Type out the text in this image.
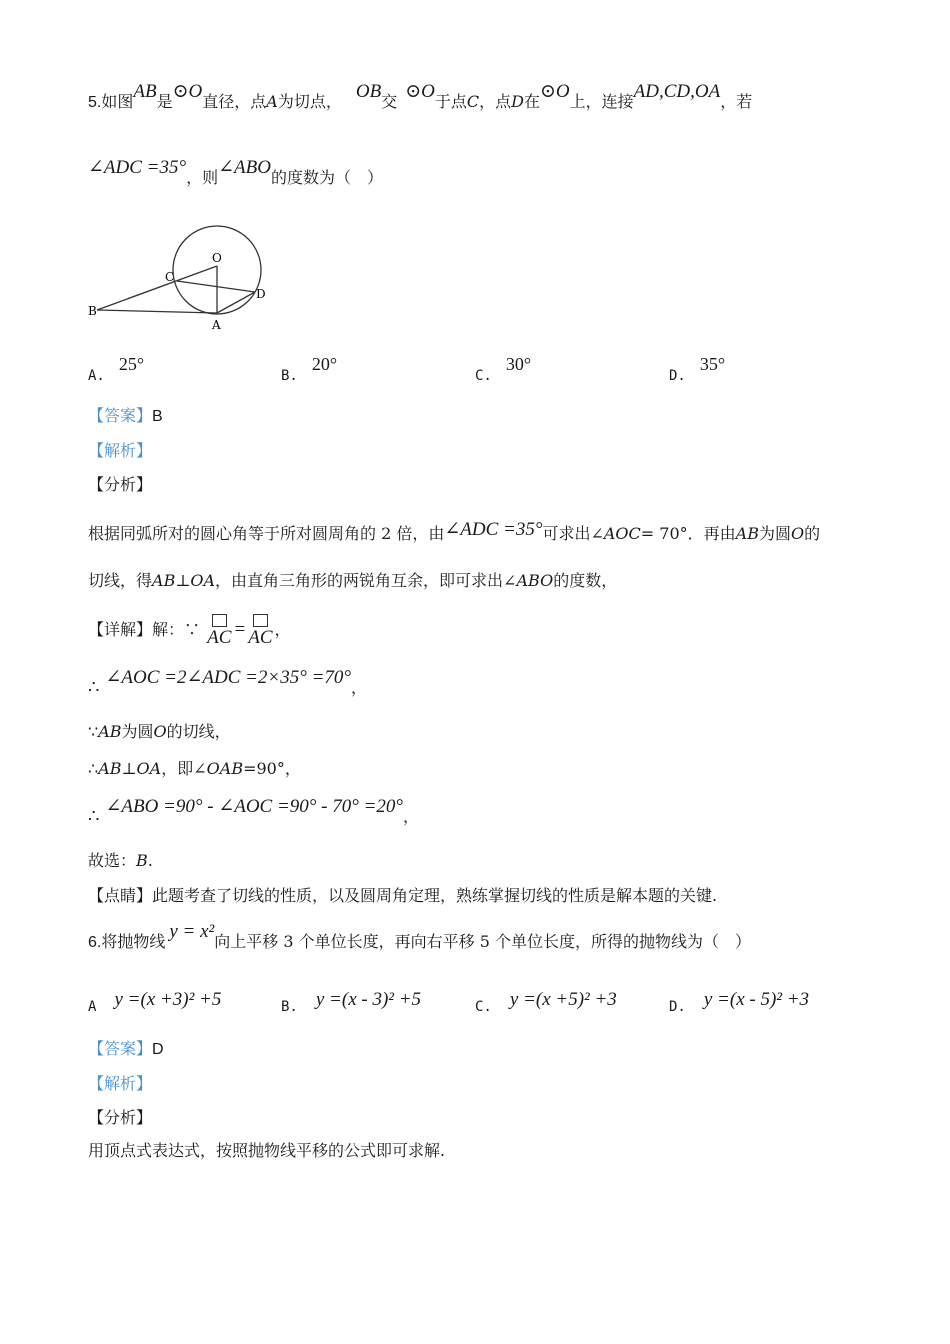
5.如图AB是⊙O直径，点A为切点， OB交 ⊙O于点C，点D在⊙O上，连接AD,CD,OA，若
∠ADC =35°，则∠ABO的度数为（　）
O
C
B
A
D
A.25°
B.20°
C.30°
D.35°
【答案】B
【解析】
【分析】
根据同弧所对的圆心角等于所对圆周角的 2 倍，由∠ADC =35°可求出∠AOC= 70°．再由AB为圆O的
切线，得AB⊥OA，由直角三角形的两锐角互余，即可求出∠ABO的度数，
【详解】解：∵ AC = AC ，
∴ ∠AOC =2∠ADC =2×35° =70°，
∵AB为圆O的切线，
∴AB⊥OA，即∠OAB=90°，
∴ ∠ABO =90° - ∠AOC =90° - 70° =20°，
故选：B.
【点睛】此题考查了切线的性质，以及圆周角定理，熟练掌握切线的性质是解本题的关键.
6.将抛物线 y = x²向上平移 3 个单位长度，再向右平移 5 个单位长度，所得的抛物线为（　）
A y =(x +3)² +5	B. y =(x - 3)² +5	C. y =(x +5)² +3	D. y =(x - 5)² +3
【答案】D
【解析】
【分析】
用顶点式表达式，按照抛物线平移的公式即可求解.
